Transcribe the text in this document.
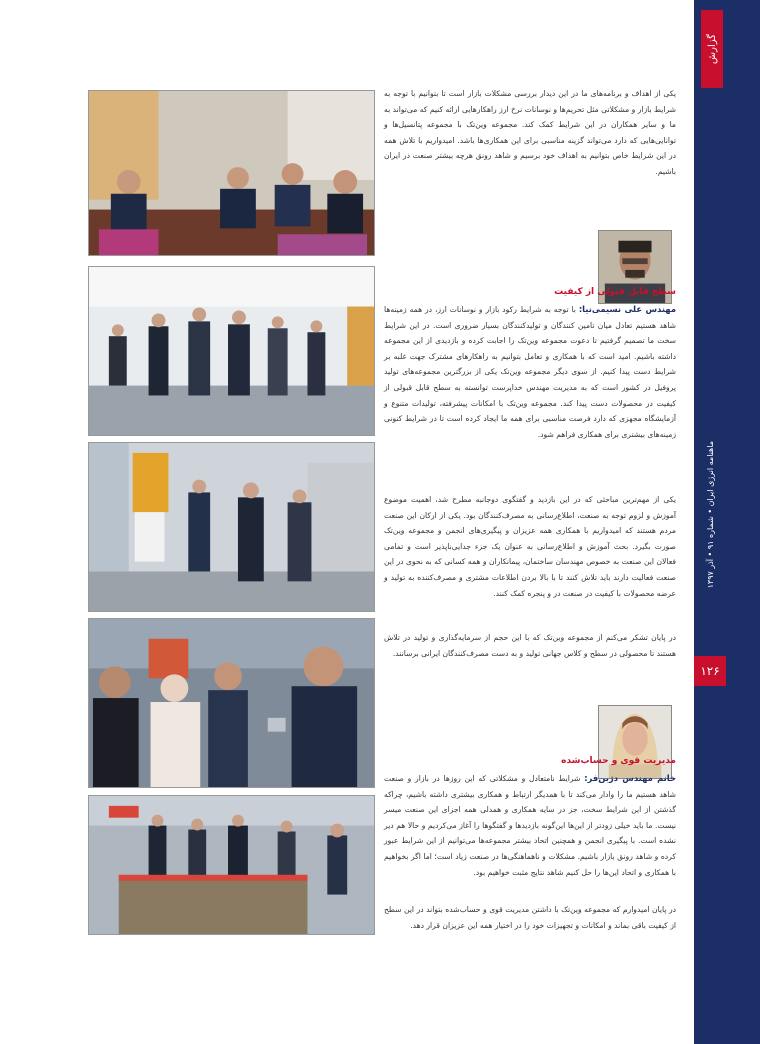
گزارش
ماهنامه انرژی ایران • شماره ۹۱ • آذر ۱۳۹۷
۱۲۶
یکی از اهداف و برنامه‌های ما در این دیدار بررسی مشکلات بازار است تا بتوانیم با توجه به شرایط بازار و مشکلاتی مثل تحریم‌ها و نوسانات نرخ ارز راهکارهایی ارائه کنیم که می‌تواند به ما و سایر همکاران در این شرایط کمک کند. مجموعه وین‌تک با مجموعه پتانسیل‌ها و توانایی‌هایی که دارد می‌تواند گزینه مناسبی برای این همکاری‌ها باشد. امیدواریم با تلاش همه در این شرایط خاص بتوانیم به اهداف خود برسیم و شاهد رونق هرچه بیشتر صنعت در ایران باشیم.
سطح قابل قبولی از کیفیت
مهندس علی نسیمی‌نیا: با توجه به شرایط رکود بازار و نوسانات ارز، در همه زمینه‌ها شاهد هستیم تعادل میان تامین کنندگان و تولیدکنندگان بسیار ضروری است. در این شرایط سخت ما تصمیم گرفتیم تا دعوت مجموعه وین‌تک را اجابت کرده و بازدیدی از این مجموعه داشته باشیم. امید است که با همکاری و تعامل بتوانیم به راهکارهای مشترک جهت غلبه بر شرایط دست پیدا کنیم. از سوی دیگر مجموعه وین‌تک یکی از بزرگترین مجموعه‌های تولید پروفیل در کشور است که به مدیریت مهندس خداپرست توانسته به سطح قابل قبولی از کیفیت در محصولات دست پیدا کند. مجموعه وین‌تک با امکانات پیشرفته، تولیدات متنوع و آزمایشگاه مجهزی که دارد فرصت مناسبی برای همه ما ایجاد کرده است تا در شرایط کنونی زمینه‌های بیشتری برای همکاری فراهم شود.
یکی از مهم‌ترین مباحثی که در این بازدید و گفتگوی دوجانبه مطرح شد، اهمیت موضوع آموزش و لزوم توجه به صنعت، اطلاع‌رسانی به مصرف‌کنندگان بود. یکی از ارکان این صنعت مردم هستند که امیدواریم با همکاری همه عزیزان و پیگیری‌های انجمن و مجموعه وین‌تک صورت بگیرد. بحث آموزش و اطلاع‌رسانی به عنوان یک جزء جدایی‌ناپذیر است و تمامی فعالان این صنعت به خصوص مهندسان ساختمان، پیمانکاران و همه کسانی که به نحوی در این صنعت فعالیت دارند باید تلاش کنند تا با بالا بردن اطلاعات مشتری و مصرف‌کننده به تولید و عرضه محصولات با کیفیت در صنعت در و پنجره کمک کنند.
در پایان تشکر می‌کنم از مجموعه وین‌تک که با این حجم از سرمایه‌گذاری و تولید در تلاش هستند تا محصولی در سطح و کلاس جهانی تولید و به دست مصرف‌کنندگان ایرانی برسانند.
مدیریت قوی و حساب‌شده
خانم مهندس دژبن‌فر: شرایط نامتعادل و مشکلاتی که این روزها در بازار و صنعت شاهد هستیم ما را وادار می‌کند تا با همدیگر ارتباط و همکاری بیشتری داشته باشیم، چراکه گذشتن از این شرایط سخت، جز در سایه همکاری و همدلی همه اجزای این صنعت میسر نیست. ما باید خیلی زودتر از این‌ها این‌گونه بازدیدها و گفتگوها را آغاز می‌کردیم و حالا هم دیر نشده است. با پیگیری انجمن و همچنین اتحاد بیشتر مجموعه‌ها می‌توانیم از این شرایط عبور کرده و شاهد رونق بازار باشیم. مشکلات و ناهماهنگی‌ها در صنعت زیاد است؛ اما اگر بخواهیم با همکاری و اتحاد این‌ها را حل کنیم شاهد نتایج مثبت خواهیم بود.
در پایان امیدوارم که مجموعه وین‌تک با داشتن مدیریت قوی و حساب‌شده بتواند در این سطح از کیفیت باقی بماند و امکانات و تجهیزات خود را در اختیار همه این عزیزان قرار دهد.
